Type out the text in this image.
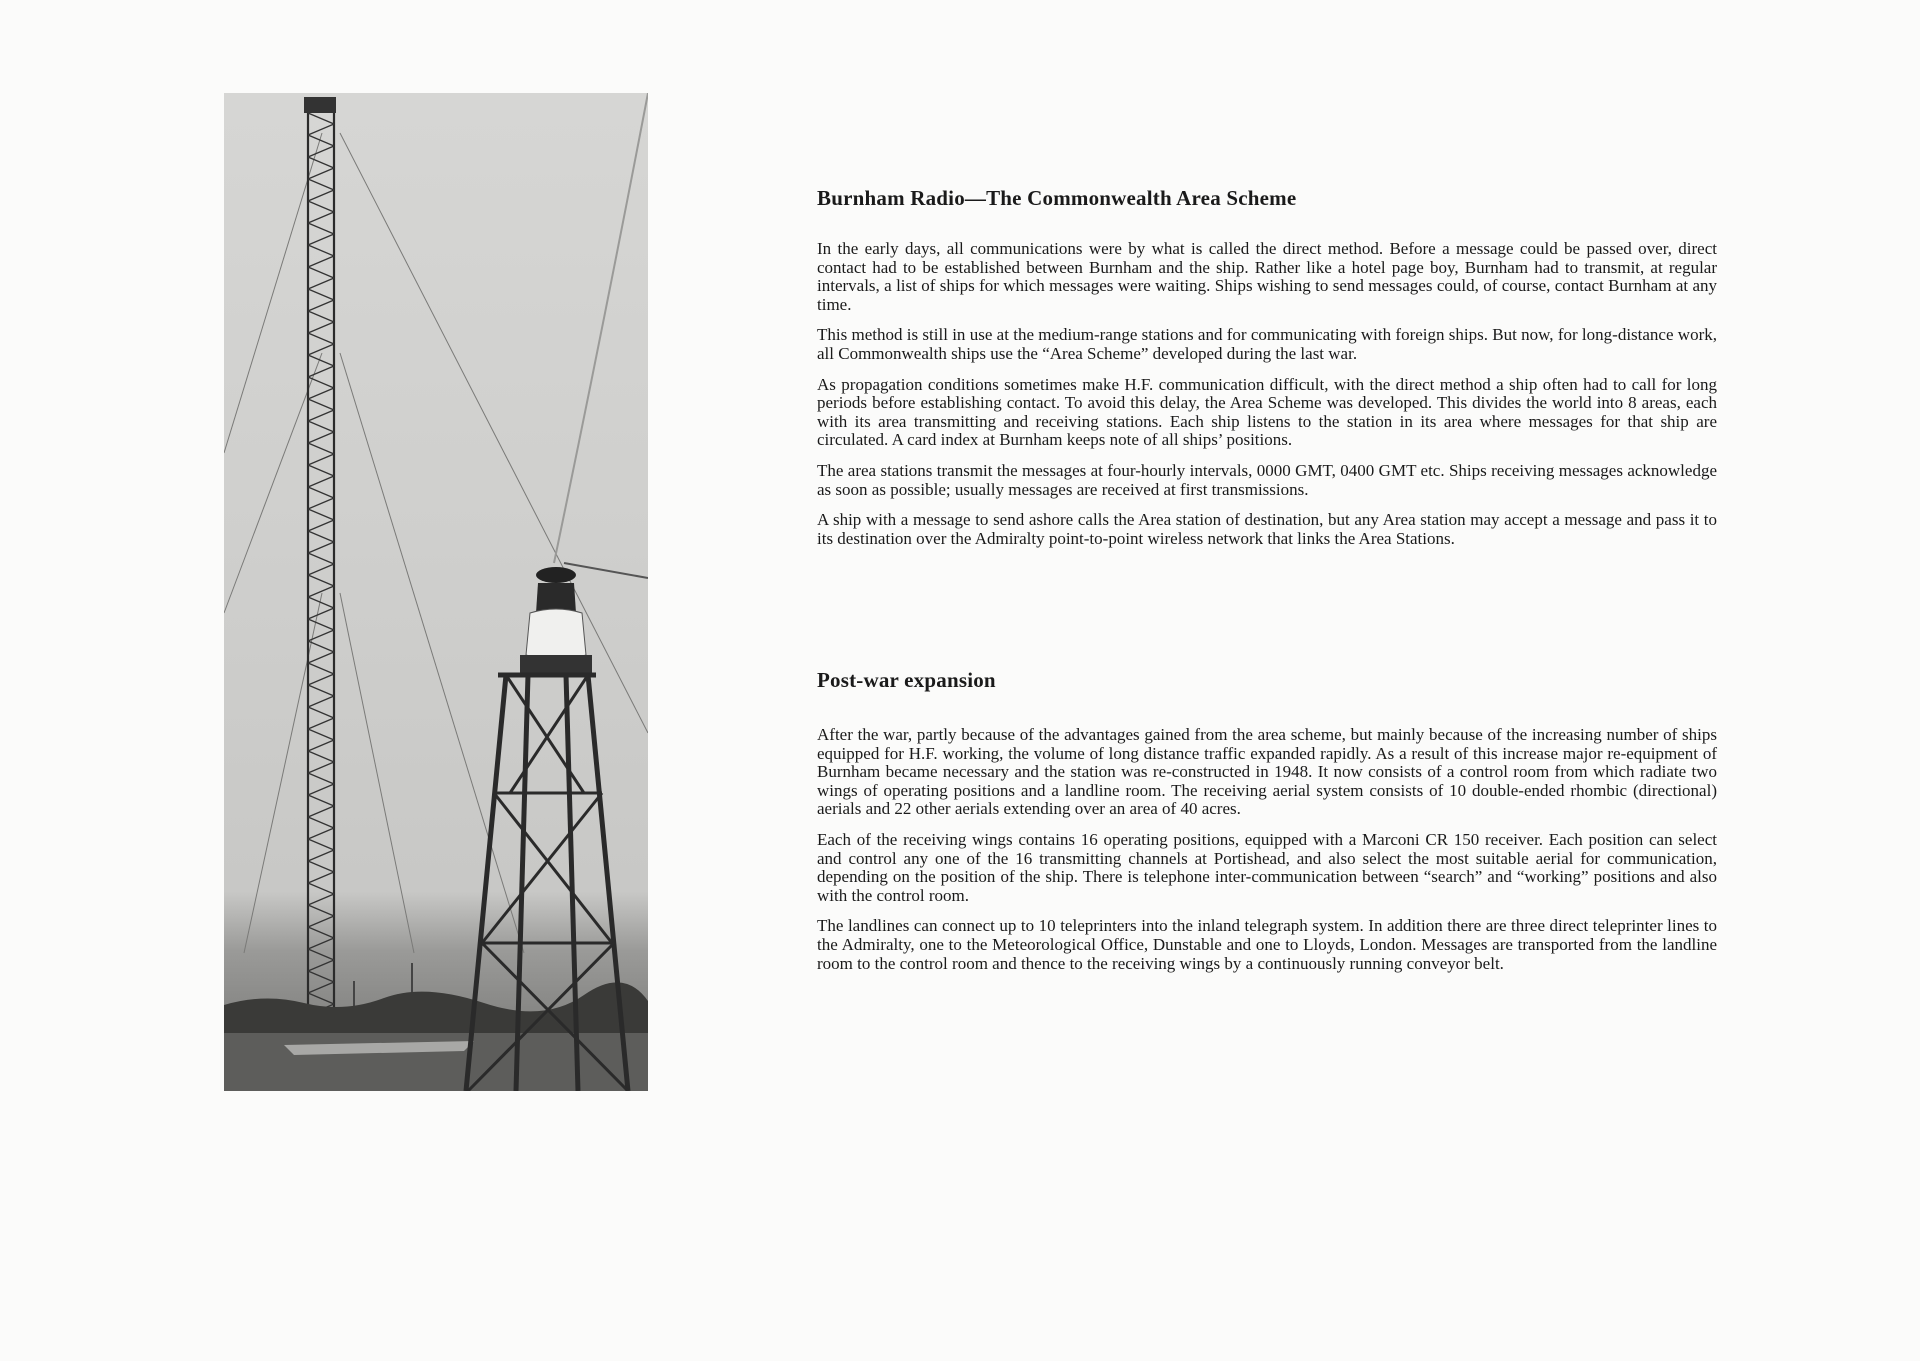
Burnham Radio—The Commonwealth Area Scheme

In the early days, all communications were by what is called the direct method. Before a message could be passed over, direct contact had to be established between Burnham and the ship. Rather like a hotel page boy, Burnham had to transmit, at regular intervals, a list of ships for which messages were waiting. Ships wishing to send messages could, of course, contact Burnham at any time.

This method is still in use at the medium-range stations and for communicating with foreign ships. But now, for long-distance work, all Commonwealth ships use the “Area Scheme” developed during the last war.

As propagation conditions sometimes make H.F. communication difficult, with the direct method a ship often had to call for long periods before establishing contact. To avoid this delay, the Area Scheme was developed. This divides the world into 8 areas, each with its area transmitting and receiving stations. Each ship listens to the station in its area where messages for that ship are circulated. A card index at Burnham keeps note of all ships’ positions.

The area stations transmit the messages at four-hourly intervals, 0000 GMT, 0400 GMT etc. Ships receiving messages acknowledge as soon as possible; usually messages are received at first transmissions.

A ship with a message to send ashore calls the Area station of destination, but any Area station may accept a message and pass it to its destination over the Admiralty point-to-point wireless network that links the Area Stations.

Post-war expansion

After the war, partly because of the advantages gained from the area scheme, but mainly because of the increasing number of ships equipped for H.F. working, the volume of long distance traffic expanded rapidly. As a result of this increase major re-equipment of Burnham became necessary and the station was re-constructed in 1948. It now consists of a control room from which radiate two wings of operating positions and a landline room. The receiving aerial system consists of 10 double-ended rhombic (directional) aerials and 22 other aerials extending over an area of 40 acres.

Each of the receiving wings contains 16 operating positions, equipped with a Marconi CR 150 receiver. Each position can select and control any one of the 16 transmitting channels at Portishead, and also select the most suitable aerial for communication, depending on the position of the ship. There is telephone inter-communication between “search” and “working” positions and also with the control room.

The landlines can connect up to 10 teleprinters into the inland telegraph system. In addition there are three direct teleprinter lines to the Admiralty, one to the Meteorological Office, Dunstable and one to Lloyds, London. Messages are transported from the landline room to the control room and thence to the receiving wings by a continuously running conveyor belt.
